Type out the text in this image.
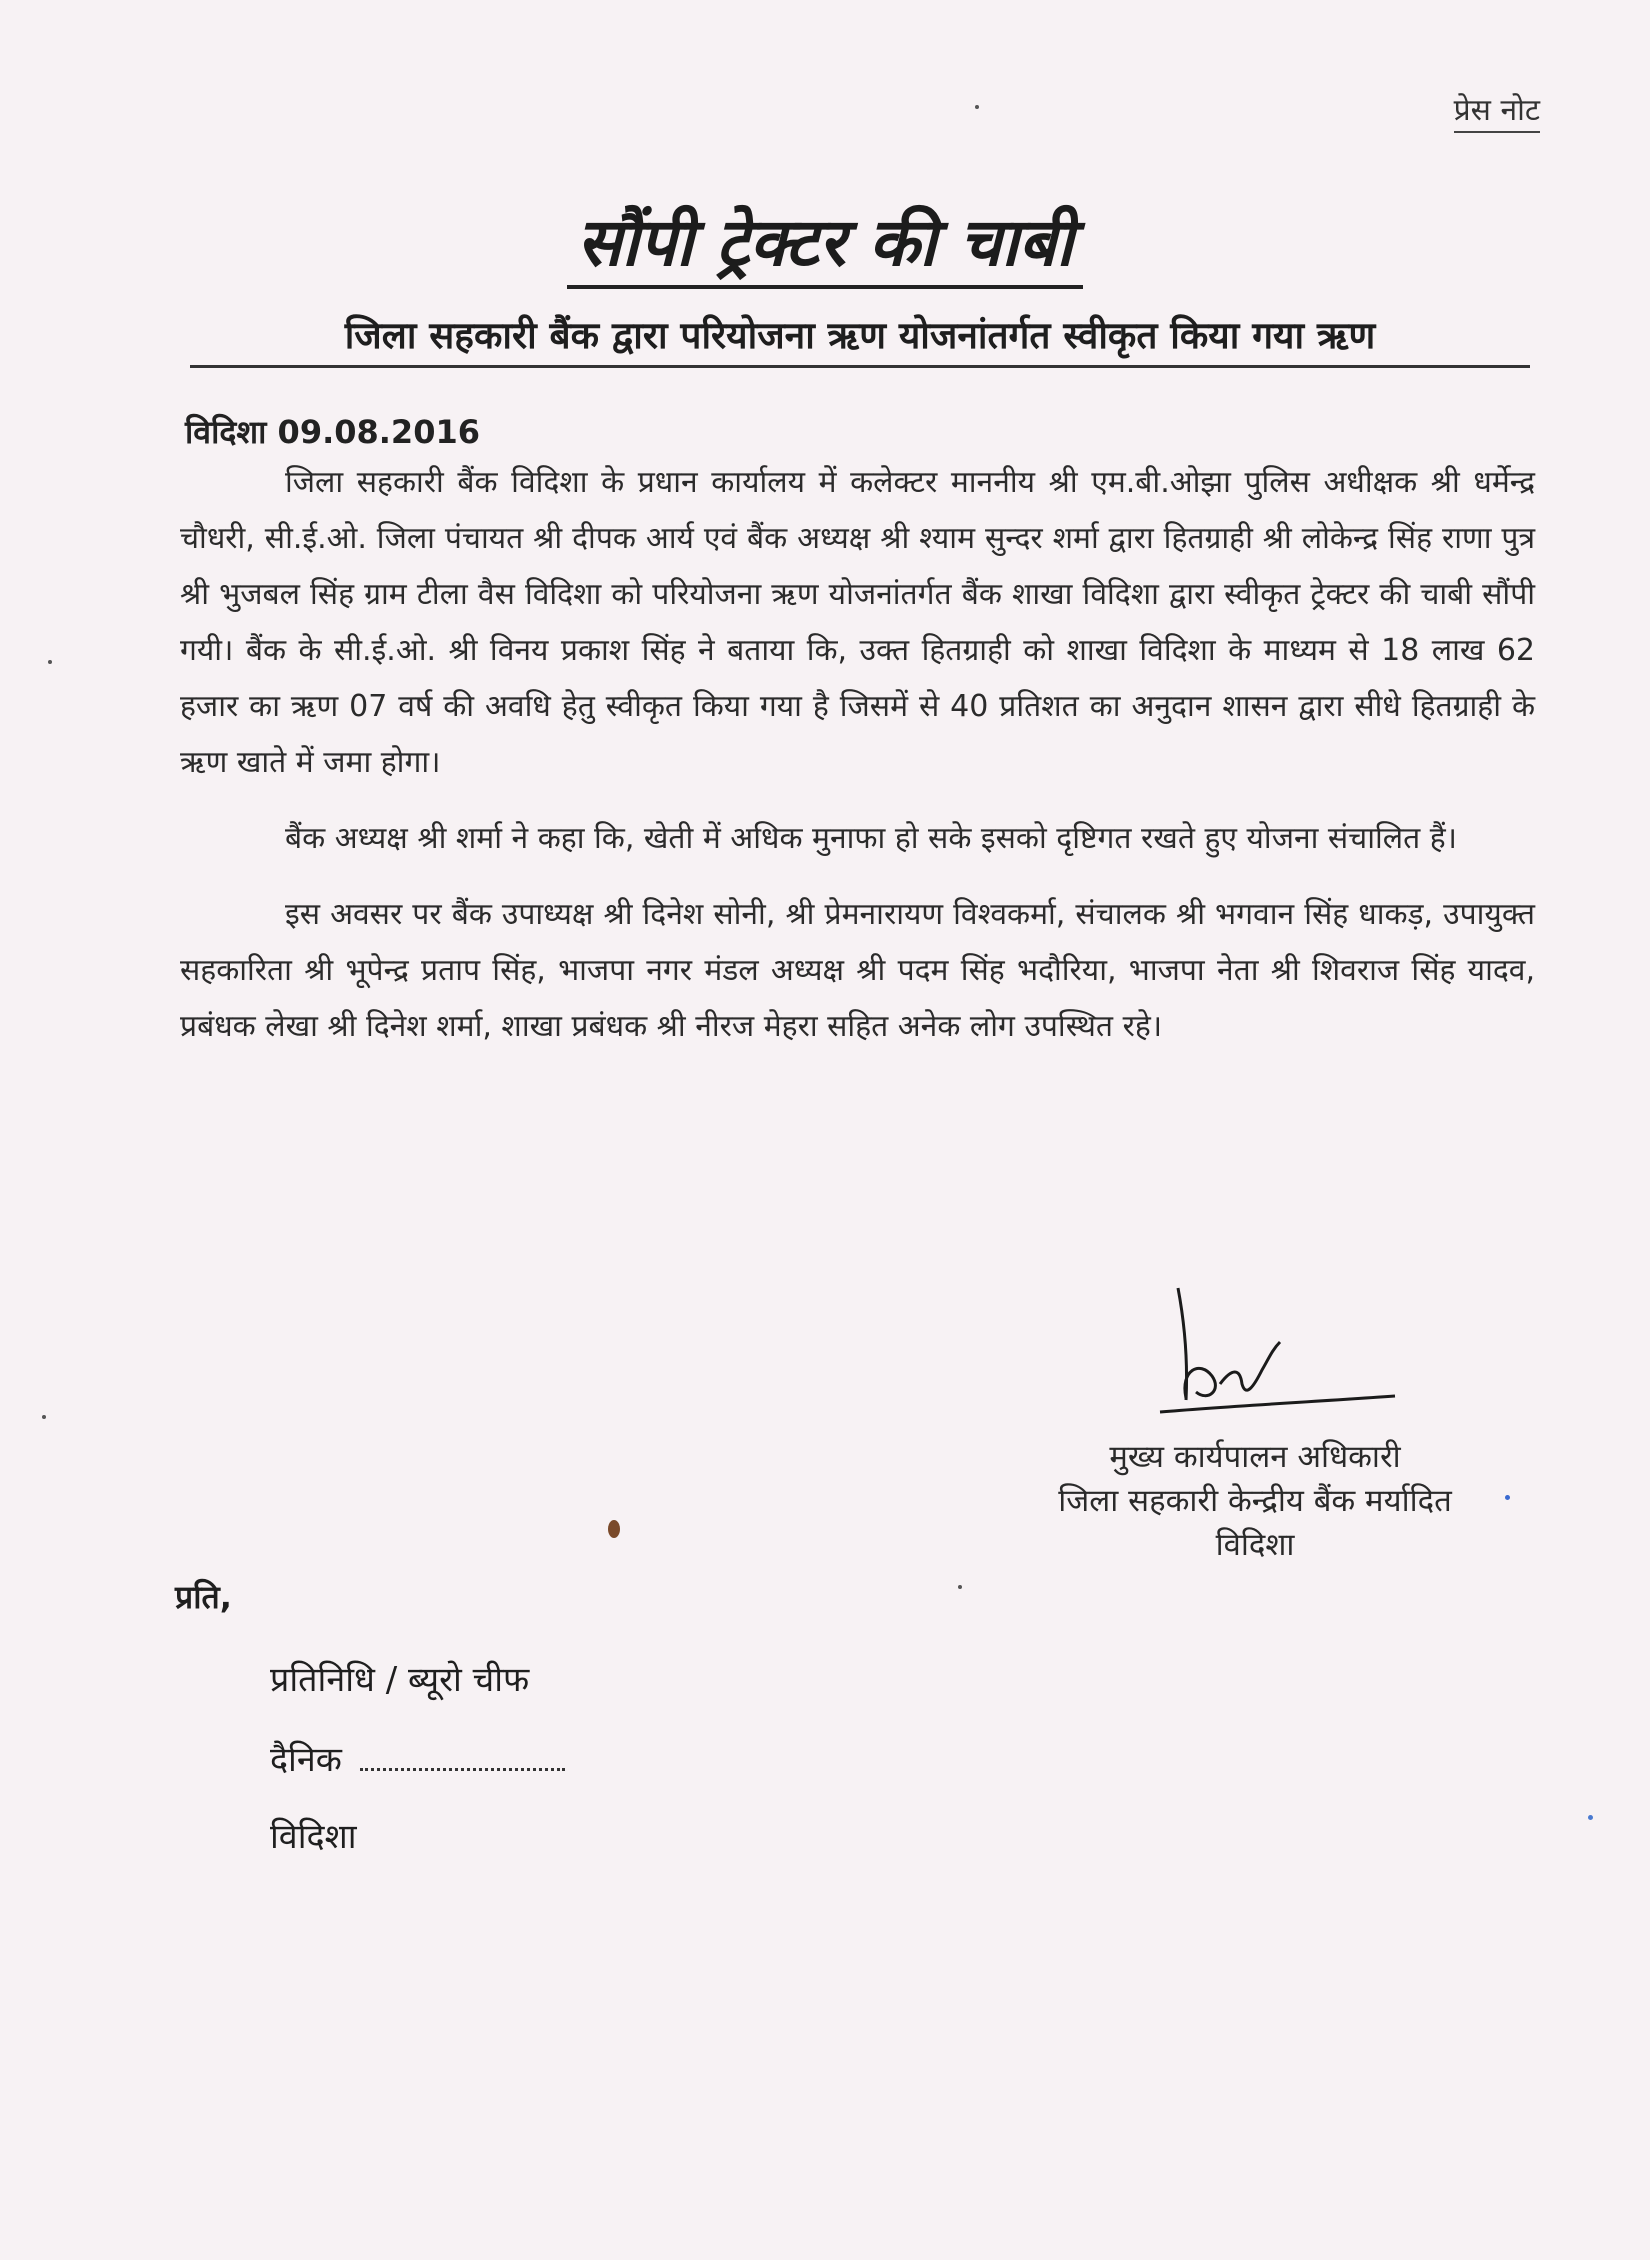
प्रेस नोट
सौंपी ट्रेक्टर की चाबी
जिला सहकारी बैंक द्वारा परियोजना ऋण योजनांतर्गत स्वीकृत किया गया ऋण
विदिशा 09.08.2016

जिला सहकारी बैंक विदिशा के प्रधान कार्यालय में कलेक्टर माननीय श्री एम.बी.ओझा पुलिस अधीक्षक श्री धर्मेन्द्र चौधरी, सी.ई.ओ. जिला पंचायत श्री दीपक आर्य एवं बैंक अध्यक्ष श्री श्याम सुन्दर शर्मा द्वारा हितग्राही श्री लोकेन्द्र सिंह राणा पुत्र श्री भुजबल सिंह ग्राम टीला वैस विदिशा को परियोजना ऋण योजनांतर्गत बैंक शाखा विदिशा द्वारा स्वीकृत ट्रेक्टर की चाबी सौंपी गयी। बैंक के सी.ई.ओ. श्री विनय प्रकाश सिंह ने बताया कि, उक्त हितग्राही को शाखा विदिशा के माध्यम से 18 लाख 62 हजार का ऋण 07 वर्ष की अवधि हेतु स्वीकृत किया गया है जिसमें से 40 प्रतिशत का अनुदान शासन द्वारा सीधे हितग्राही के ऋण खाते में जमा होगा।

बैंक अध्यक्ष श्री शर्मा ने कहा कि, खेती में अधिक मुनाफा हो सके इसको दृष्टिगत रखते हुए योजना संचालित हैं।

इस अवसर पर बैंक उपाध्यक्ष श्री दिनेश सोनी, श्री प्रेमनारायण विश्वकर्मा, संचालक श्री भगवान सिंह धाकड़, उपायुक्त सहकारिता श्री भूपेन्द्र प्रताप सिंह, भाजपा नगर मंडल अध्यक्ष श्री पदम सिंह भदौरिया, भाजपा नेता श्री शिवराज सिंह यादव, प्रबंधक लेखा श्री दिनेश शर्मा, शाखा प्रबंधक श्री नीरज मेहरा सहित अनेक लोग उपस्थित रहे।

मुख्य कार्यपालन अधिकारी
जिला सहकारी केन्द्रीय बैंक मर्यादित
विदिशा
प्रति,
प्रतिनिधि / ब्यूरो चीफ
दैनिक
विदिशा
